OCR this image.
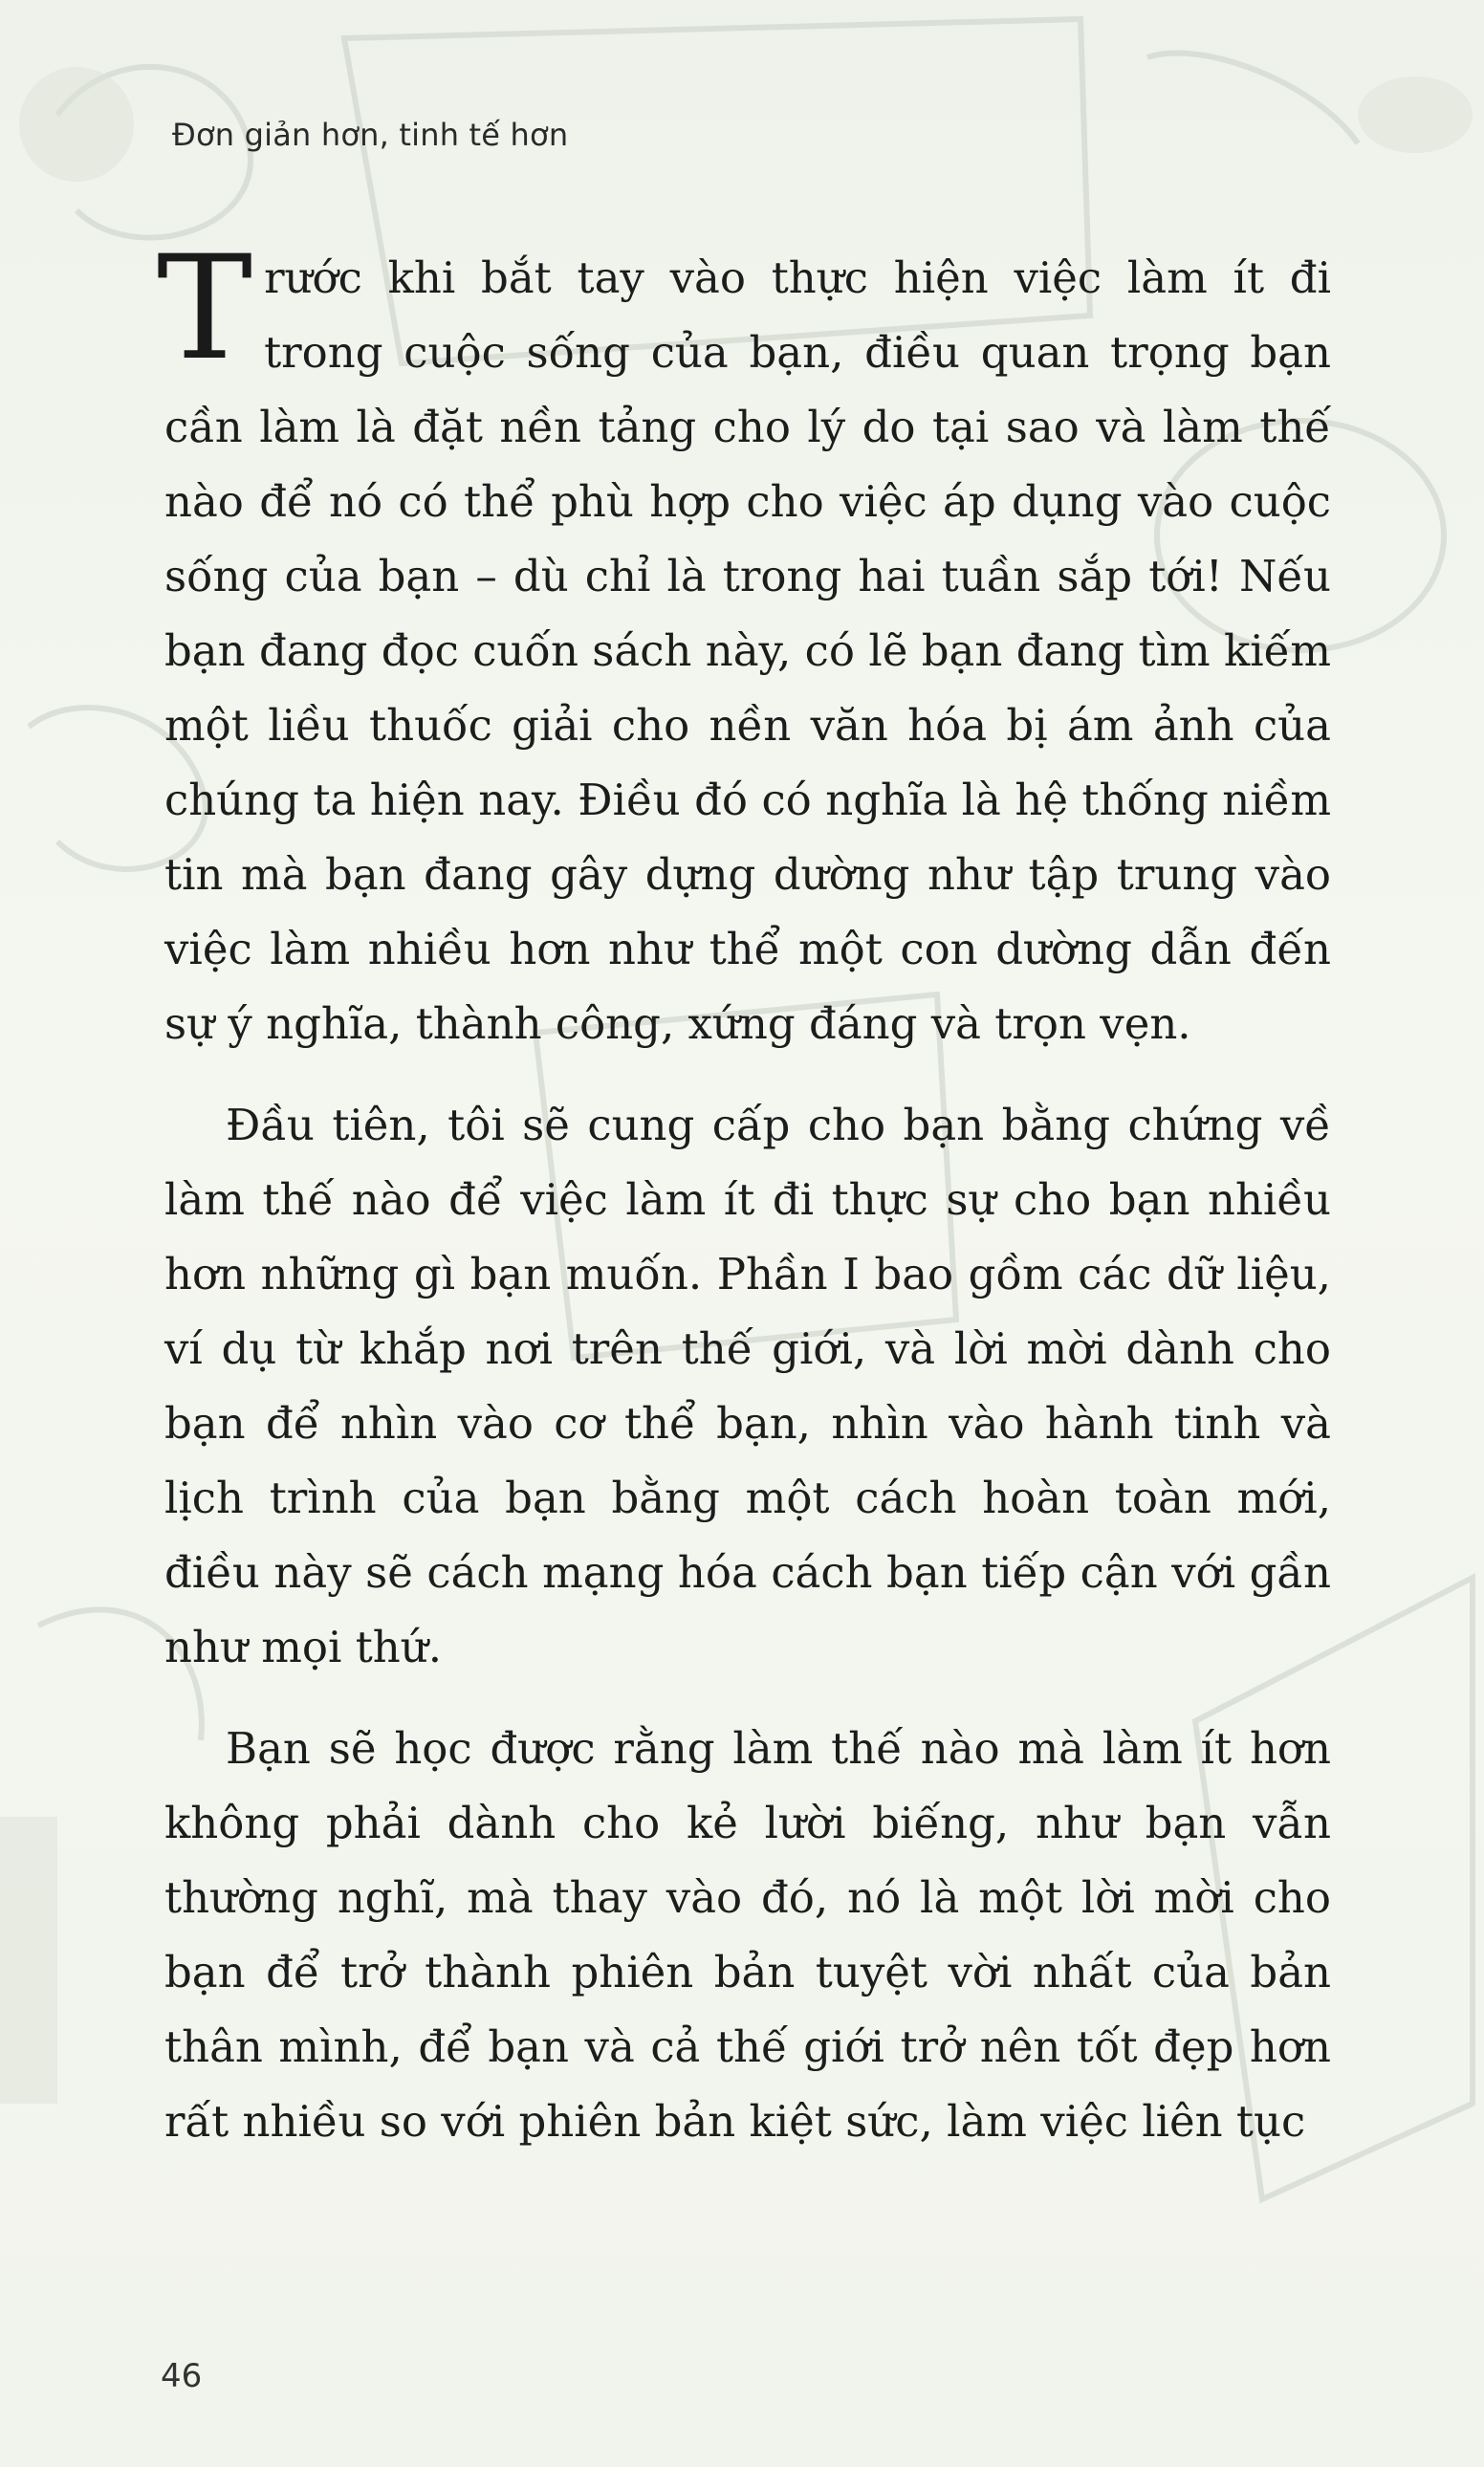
Đơn giản hơn, tinh tế hơn

Trước khi bắt tay vào thực hiện việc làm ít đi trong cuộc sống của bạn, điều quan trọng bạn cần làm là đặt nền tảng cho lý do tại sao và làm thế nào để nó có thể phù hợp cho việc áp dụng vào cuộc sống của bạn – dù chỉ là trong hai tuần sắp tới! Nếu bạn đang đọc cuốn sách này, có lẽ bạn đang tìm kiếm một liều thuốc giải cho nền văn hóa bị ám ảnh của chúng ta hiện nay. Điều đó có nghĩa là hệ thống niềm tin mà bạn đang gây dựng dường như tập trung vào việc làm nhiều hơn như thể một con dường dẫn đến sự ý nghĩa, thành công, xứng đáng và trọn vẹn.

Đầu tiên, tôi sẽ cung cấp cho bạn bằng chứng về làm thế nào để việc làm ít đi thực sự cho bạn nhiều hơn những gì bạn muốn. Phần I bao gồm các dữ liệu, ví dụ từ khắp nơi trên thế giới, và lời mời dành cho bạn để nhìn vào cơ thể bạn, nhìn vào hành tinh và lịch trình của bạn bằng một cách hoàn toàn mới, điều này sẽ cách mạng hóa cách bạn tiếp cận với gần như mọi thứ.

Bạn sẽ học được rằng làm thế nào mà làm ít hơn không phải dành cho kẻ lười biếng, như bạn vẫn thường nghĩ, mà thay vào đó, nó là một lời mời cho bạn để trở thành phiên bản tuyệt vời nhất của bản thân mình, để bạn và cả thế giới trở nên tốt đẹp hơn rất nhiều so với phiên bản kiệt sức, làm việc liên tục

46
